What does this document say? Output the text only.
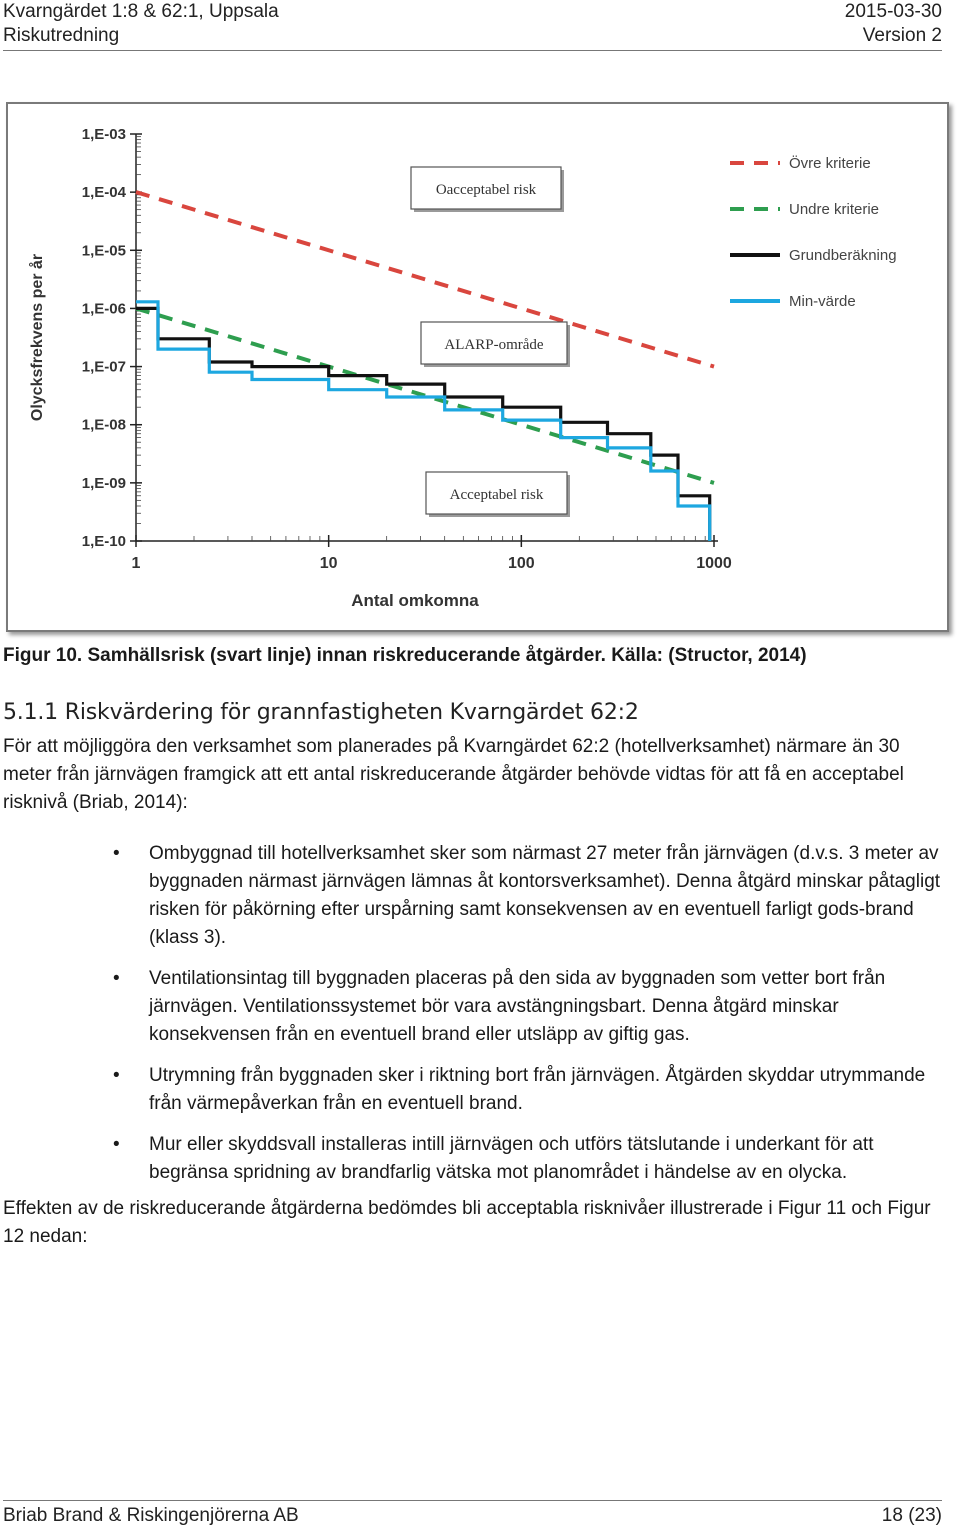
Kvarngärdet 1:8 & 62:1, Uppsala
Riskutredning
2015-03-30
Version 2
1,E-03
1,E-04
1,E-05
1,E-06
1,E-07
1,E-08
1,E-09
1,E-10
1	10	100	1000
Antal omkomna
Olycksfrekvens per år
Oacceptabel risk
ALARP-område
Acceptabel risk
Övre kriterie
Undre kriterie
Grundberäkning
Min-värde
Figur 10. Samhällsrisk (svart linje) innan riskreducerande åtgärder. Källa: (Structor, 2014)
5.1.1 Riskvärdering för grannfastigheten Kvarngärdet 62:2

För att möjliggöra den verksamhet som planerades på Kvarngärdet 62:2 (hotellverksamhet) närmare än 30 meter från järnvägen framgick att ett antal riskreducerande åtgärder behövde vidtas för att få en acceptabel risknivå (Briab, 2014):

• Ombyggnad till hotellverksamhet sker som närmast 27 meter från järnvägen (d.v.s. 3 meter av byggnaden närmast järnvägen lämnas åt kontorsverksamhet). Denna åtgärd minskar påtagligt risken för påkörning efter urspårning samt konsekvensen av en eventuell farligt gods-brand (klass 3).
• Ventilationsintag till byggnaden placeras på den sida av byggnaden som vetter bort från järnvägen. Ventilationssystemet bör vara avstängningsbart. Denna åtgärd minskar konsekvensen från en eventuell brand eller utsläpp av giftig gas.
• Utrymning från byggnaden sker i riktning bort från järnvägen. Åtgärden skyddar utrymmande från värmepåverkan från en eventuell brand.
• Mur eller skyddsvall installeras intill järnvägen och utförs tätslutande i underkant för att begränsa spridning av brandfarlig vätska mot planområdet i händelse av en olycka.

Effekten av de riskreducerande åtgärderna bedömdes bli acceptabla risknivåer illustrerade i Figur 11 och Figur 12 nedan:

Briab Brand & Riskingenjörerna AB	18 (23)
